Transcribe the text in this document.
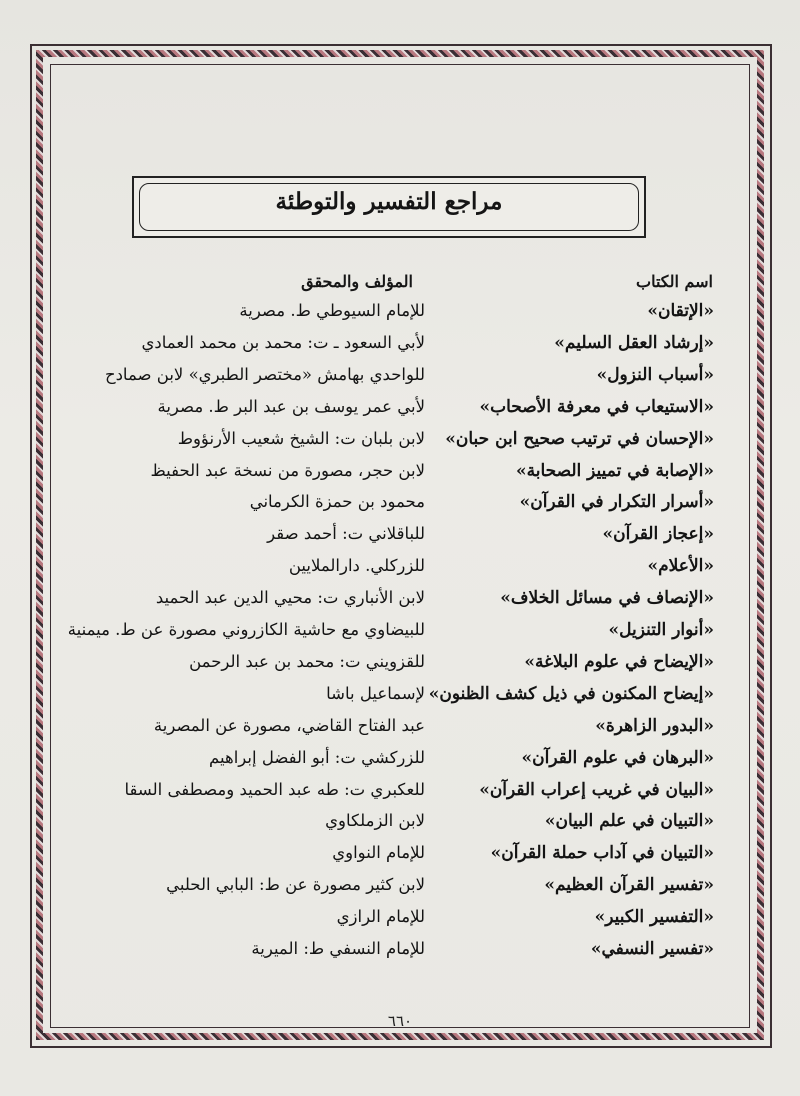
مراجع التفسير والتوطئة
اسم الكتاب
المؤلف والمحقق
«الإتقان»
للإمام السيوطي ط. مصرية
«إرشاد العقل السليم»
لأبي السعود ـ ت: محمد بن محمد العمادي
«أسباب النزول»
للواحدي بهامش «مختصر الطبري» لابن صمادح
«الاستيعاب في معرفة الأصحاب»
لأبي عمر يوسف بن عبد البر ط. مصرية
«الإحسان في ترتيب صحيح ابن حبان»
لابن بلبان ت: الشيخ شعيب الأرنؤوط
«الإصابة في تمييز الصحابة»
لابن حجر، مصورة من نسخة عبد الحفيظ
«أسرار التكرار في القرآن»
محمود بن حمزة الكرماني
«إعجاز القرآن»
للباقلاني ت: أحمد صقر
«الأعلام»
للزركلي. دارالملايين
«الإنصاف في مسائل الخلاف»
لابن الأنباري ت: محيي الدين عبد الحميد
«أنوار التنزيل»
للبيضاوي مع حاشية الكازروني مصورة عن ط. ميمنية
«الإيضاح في علوم البلاغة»
للقزويني ت: محمد بن عبد الرحمن
«إيضاح المكنون في ذيل كشف الظنون»
لإسماعيل باشا
«البدور الزاهرة»
عبد الفتاح القاضي، مصورة عن المصرية
«البرهان في علوم القرآن»
للزركشي ت: أبو الفضل إبراهيم
«البيان في غريب إعراب القرآن»
للعكبري ت: طه عبد الحميد ومصطفى السقا
«التبيان في علم البيان»
لابن الزملكاوي
«التبيان في آداب حملة القرآن»
للإمام النواوي
«تفسير القرآن العظيم»
لابن كثير مصورة عن ط: البابي الحلبي
«التفسير الكبير»
للإمام الرازي
«تفسير النسفي»
للإمام النسفي ط: الميرية
٦٦٠
